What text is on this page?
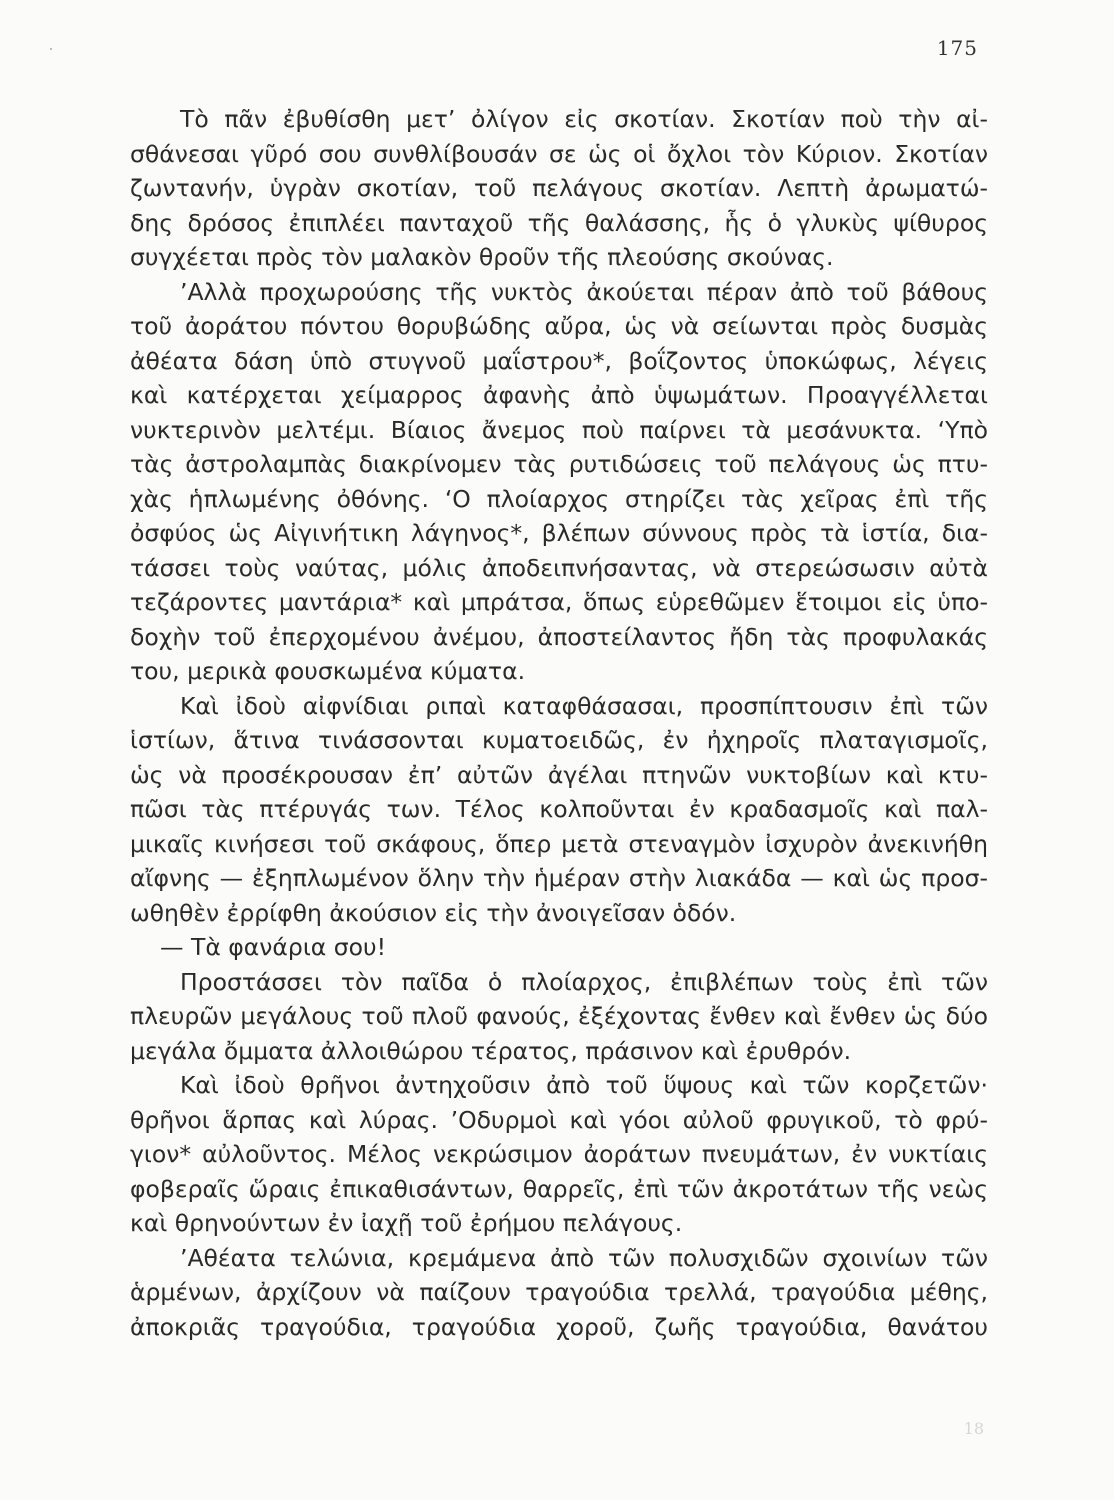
175
Τὸ πᾶν ἐβυθίσθη μετ’ ὀλίγον εἰς σκοτίαν. Σκοτίαν ποὺ τὴν αἰ-
σθάνεσαι γῦρό σου συνθλίβουσάν σε ὡς οἱ ὄχλοι τὸν Κύριον. Σκοτίαν
ζωντανήν, ὑγρὰν σκοτίαν, τοῦ πελάγους σκοτίαν. Λεπτὴ ἀρωματώ-
δης δρόσος ἐπιπλέει πανταχοῦ τῆς θαλάσσης, ἧς ὁ γλυκὺς ψίθυρος
συγχέεται πρὸς τὸν μαλακὸν θροῦν τῆς πλεούσης σκούνας.
’Αλλὰ προχωρούσης τῆς νυκτὸς ἀκούεται πέραν ἀπὸ τοῦ βάθους
τοῦ ἀοράτου πόντου θορυβώδης αὔρα, ὡς νὰ σείωνται πρὸς δυσμὰς
ἀθέατα δάση ὑπὸ στυγνοῦ μαΐστρου*, βοΐζοντος ὑποκώφως, λέγεις
καὶ κατέρχεται χείμαρρος ἀφανὴς ἀπὸ ὑψωμάτων. Προαγγέλλεται
νυκτερινὸν μελτέμι. Βίαιος ἄνεμος ποὺ παίρνει τὰ μεσάνυκτα. ‘Υπὸ
τὰς ἀστρολαμπὰς διακρίνομεν τὰς ρυτιδώσεις τοῦ πελάγους ὡς πτυ-
χὰς ἡπλωμένης ὀθόνης. ‘Ο πλοίαρχος στηρίζει τὰς χεῖρας ἐπὶ τῆς
ὀσφύος ὡς Αἰγινήτικη λάγηνος*, βλέπων σύννους πρὸς τὰ ἱστία, δια-
τάσσει τοὺς ναύτας, μόλις ἀποδειπνήσαντας, νὰ στερεώσωσιν αὐτὰ
τεζάροντες μαντάρια* καὶ μπράτσα, ὅπως εὑρεθῶμεν ἕτοιμοι εἰς ὑπο-
δοχὴν τοῦ ἐπερχομένου ἀνέμου, ἀποστείλαντος ἤδη τὰς προφυλακάς
του, μερικὰ φουσκωμένα κύματα.
Καὶ ἰδοὺ αἰφνίδιαι ριπαὶ καταφθάσασαι, προσπίπτουσιν ἐπὶ τῶν
ἱστίων, ἅτινα τινάσσονται κυματοειδῶς, ἐν ἠχηροῖς πλαταγισμοῖς,
ὡς νὰ προσέκρουσαν ἐπ’ αὐτῶν ἀγέλαι πτηνῶν νυκτοβίων καὶ κτυ-
πῶσι τὰς πτέρυγάς των. Τέλος κολποῦνται ἐν κραδασμοῖς καὶ παλ-
μικαῖς κινήσεσι τοῦ σκάφους, ὅπερ μετὰ στεναγμὸν ἰσχυρὸν ἀνεκινήθη
αἴφνης — ἐξηπλωμένον ὅλην τὴν ἡμέραν στὴν λιακάδα — καὶ ὡς προσ-
ωθηθὲν ἐρρίφθη ἀκούσιον εἰς τὴν ἀνοιγεῖσαν ὁδόν.
— Τὰ φανάρια σου!
Προστάσσει τὸν παῖδα ὁ πλοίαρχος, ἐπιβλέπων τοὺς ἐπὶ τῶν
πλευρῶν μεγάλους τοῦ πλοῦ φανούς, ἐξέχοντας ἔνθεν καὶ ἔνθεν ὡς δύο
μεγάλα ὄμματα ἀλλοιθώρου τέρατος, πράσινον καὶ ἐρυθρόν.
Καὶ ἰδοὺ θρῆνοι ἀντηχοῦσιν ἀπὸ τοῦ ὕψους καὶ τῶν κορζετῶν·
θρῆνοι ἅρπας καὶ λύρας. ’Οδυρμοὶ καὶ γόοι αὐλοῦ φρυγικοῦ, τὸ φρύ-
γιον* αὐλοῦντος. Μέλος νεκρώσιμον ἀοράτων πνευμάτων, ἐν νυκτίαις
φοβεραῖς ὥραις ἐπικαθισάντων, θαρρεῖς, ἐπὶ τῶν ἀκροτάτων τῆς νεὼς
καὶ θρηνούντων ἐν ἰαχῇ τοῦ ἐρήμου πελάγους.
’Αθέατα τελώνια, κρεμάμενα ἀπὸ τῶν πολυσχιδῶν σχοινίων τῶν
ἁρμένων, ἀρχίζουν νὰ παίζουν τραγούδια τρελλά, τραγούδια μέθης,
ἀποκριᾶς τραγούδια, τραγούδια χοροῦ, ζωῆς τραγούδια, θανάτου
18
